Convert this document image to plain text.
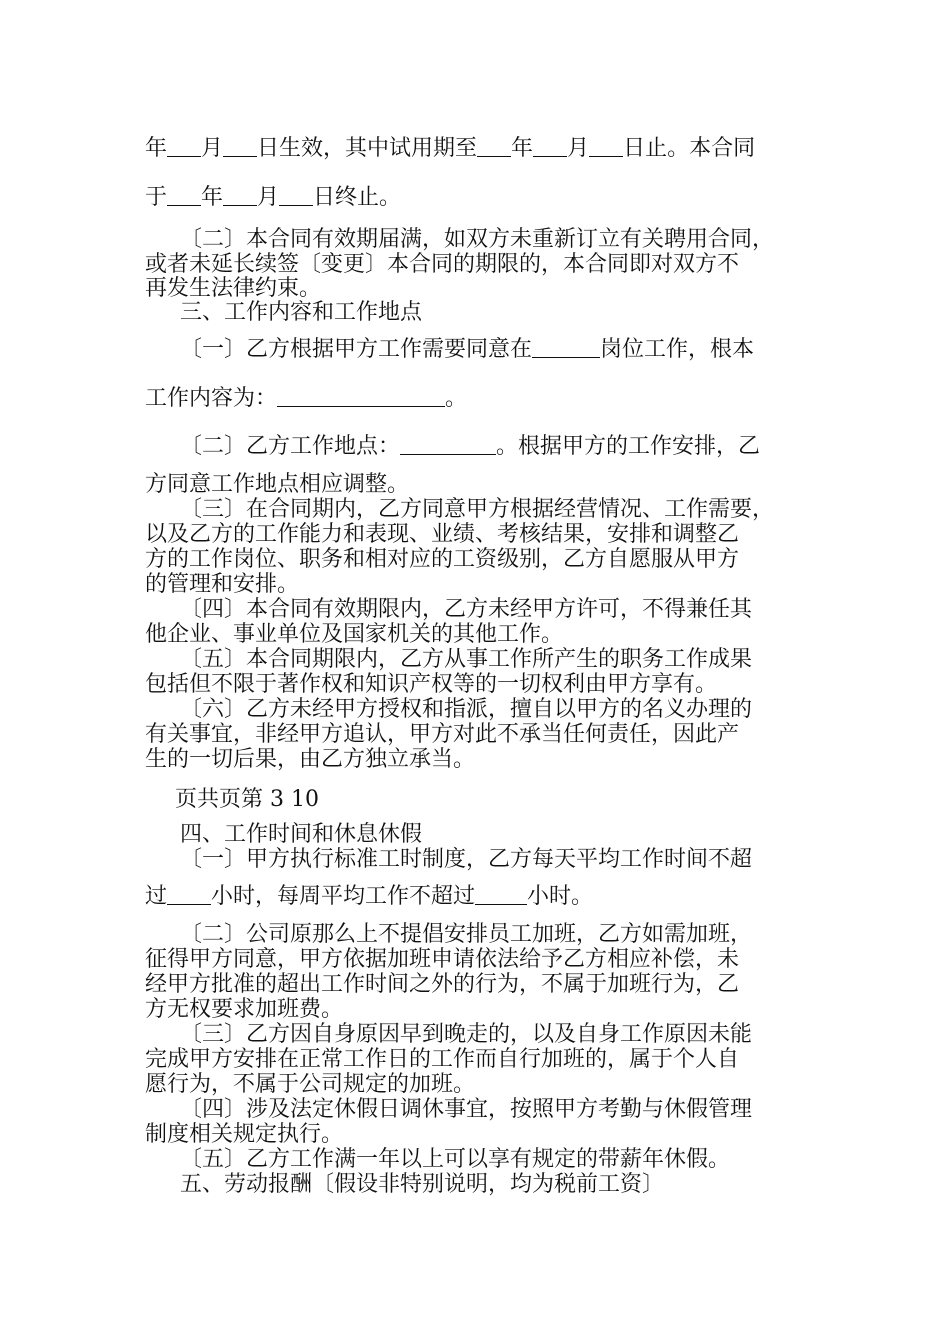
年 月 日生效，其中试用期至 年 月 日止。本合同
于 年 月 日终止。
〔二〕本合同有效期届满，如双方未重新订立有关聘用合同，
或者未延长续签〔变更〕本合同的期限的，本合同即对双方不
再发生法律约束。
三、工作内容和工作地点
〔一〕乙方根据甲方工作需要同意在	岗位工作，根本
工作内容为：	。
〔二〕乙方工作地点：	。根据甲方的工作安排，乙
方同意工作地点相应调整。
〔三〕在合同期内，乙方同意甲方根据经营情况、工作需要，
以及乙方的工作能力和表现、业绩、考核结果，安排和调整乙
方的工作岗位、职务和相对应的工资级别，乙方自愿服从甲方
的管理和安排。
〔四〕本合同有效期限内，乙方未经甲方许可，不得兼任其
他企业、事业单位及国家机关的其他工作。
〔五〕本合同期限内，乙方从事工作所产生的职务工作成果
包括但不限于著作权和知识产权等的一切权利由甲方享有。
〔六〕乙方未经甲方授权和指派，擅自以甲方的名义办理的
有关事宜，非经甲方追认，甲方对此不承当任何责任，因此产
生的一切后果，由乙方独立承当。
页共页第 3 10
四、工作时间和休息休假
〔一〕甲方执行标准工时制度，乙方每天平均工作时间不超
过 小时，每周平均工作不超过 小时。
〔二〕公司原那么上不提倡安排员工加班，乙方如需加班，
征得甲方同意，甲方依据加班申请依法给予乙方相应补偿，未
经甲方批准的超出工作时间之外的行为，不属于加班行为，乙
方无权要求加班费。
〔三〕乙方因自身原因早到晚走的，以及自身工作原因未能
完成甲方安排在正常工作日的工作而自行加班的，属于个人自
愿行为，不属于公司规定的加班。
〔四〕涉及法定休假日调休事宜，按照甲方考勤与休假管理
制度相关规定执行。
〔五〕乙方工作满一年以上可以享有规定的带薪年休假。
五、劳动报酬〔假设非特别说明，均为税前工资〕
